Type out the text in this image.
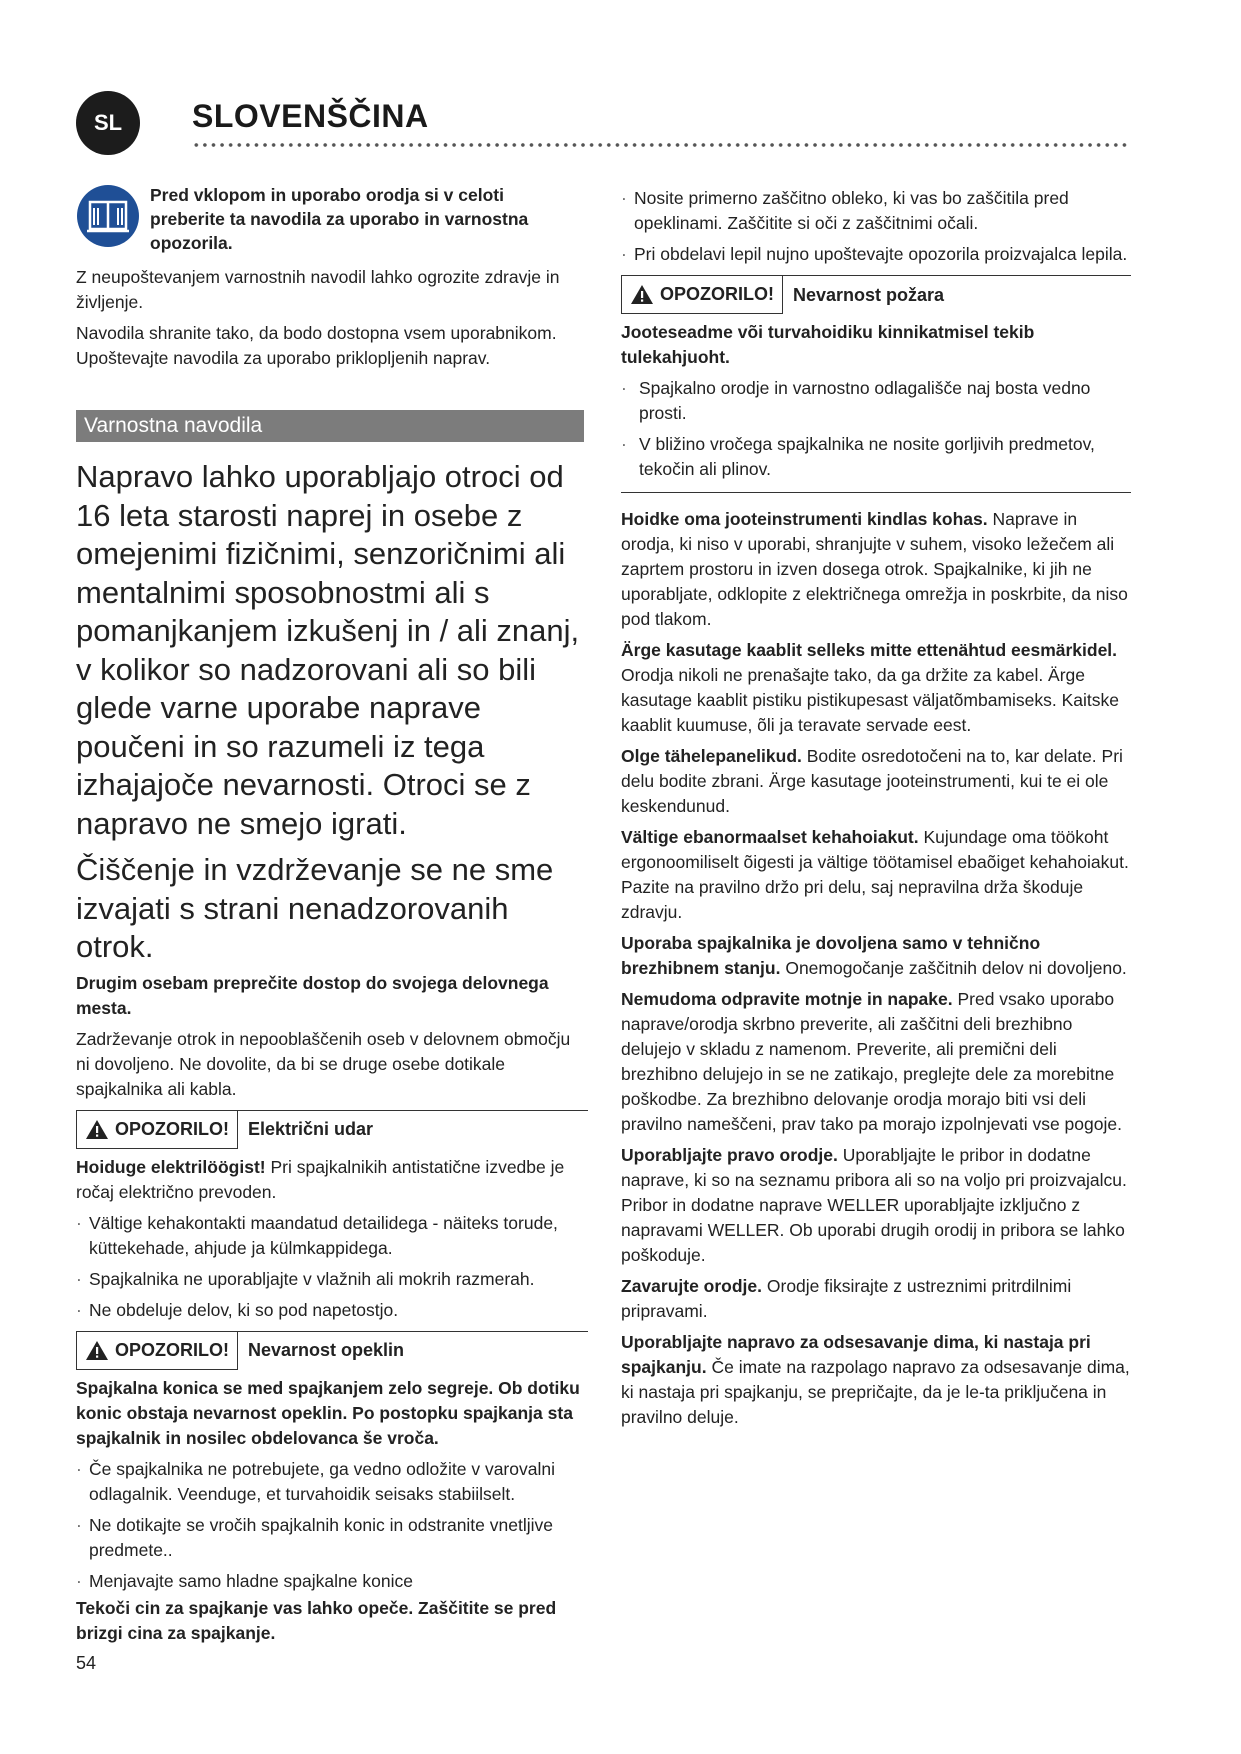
SL SLOVENŠČINA
Pred vklopom in uporabo orodja si v celoti preberite ta navodila za uporabo in varnostna opozorila.

Z neupoštevanjem varnostnih navodil lahko ogrozite zdravje in življenje.

Navodila shranite tako, da bodo dostopna vsem uporabnikom. Upoštevajte navodila za uporabo priklopljenih naprav.

Varnostna navodila
Napravo lahko uporabljajo otroci od 16 leta starosti naprej in osebe z omejenimi fizičnimi, senzoričnimi ali mentalnimi sposobnostmi ali s pomanjkanjem izkušenj in / ali znanj, v kolikor so nadzorovani ali so bili glede varne uporabe naprave poučeni in so razumeli iz tega izhajajoče nevarnosti. Otroci se z napravo ne smejo igrati.
Čiščenje in vzdrževanje se ne sme izvajati s strani nenadzorovanih otrok.

Drugim osebam preprečite dostop do svojega delovnega mesta.

Zadrževanje otrok in nepooblaščenih oseb v delovnem območju ni dovoljeno. Ne dovolite, da bi se druge osebe dotikale spajkalnika ali kabla.

OPOZORILO!	Električni udar

Hoiduge elektrilöögist! Pri spajkalnikih antistatične izvedbe je ročaj električno prevoden.

· Vältige kehakontakti maandatud detailidega - näiteks torude, küttekehade, ahjude ja külmkappidega.
· Spajkalnika ne uporabljajte v vlažnih ali mokrih razmerah.
· Ne obdeluje delov, ki so pod napetostjo.
OPOZORILO!	Nevarnost opeklin

Spajkalna konica se med spajkanjem zelo segreje. Ob dotiku konic obstaja nevarnost opeklin. Po postopku spajkanja sta spajkalnik in nosilec obdelovanca še vroča.

· Če spajkalnika ne potrebujete, ga vedno odložite v varovalni odlagalnik. Veenduge, et turvahoidik seisaks stabiilselt.
· Ne dotikajte se vročih spajkalnih konic in odstranite vnetljive predmete..
· Menjavajte samo hladne spajkalne konice

Tekoči cin za spajkanje vas lahko opeče. Zaščitite se pred brizgi cina za spajkanje.

· Nosite primerno zaščitno obleko, ki vas bo zaščitila pred opeklinami. Zaščitite si oči z zaščitnimi očali.
· Pri obdelavi lepil nujno upoštevajte opozorila proizvajalca lepila.
OPOZORILO!	Nevarnost požara

Jooteseadme või turvahoidiku kinnikatmisel tekib tulekahjuoht.

· Spajkalno orodje in varnostno odlagališče naj bosta vedno prosti.
· V bližino vročega spajkalnika ne nosite gorljivih predmetov, tekočin ali plinov.

Hoidke oma jooteinstrumenti kindlas kohas. Naprave in orodja, ki niso v uporabi, shranjujte v suhem, visoko ležečem ali zaprtem prostoru in izven dosega otrok. Spajkalnike, ki jih ne uporabljate, odklopite z električnega omrežja in poskrbite, da niso pod tlakom.

Ärge kasutage kaablit selleks mitte ettenähtud eesmärkidel. Orodja nikoli ne prenašajte tako, da ga držite za kabel. Ärge kasutage kaablit pistiku pistikupesast väljatõmbamiseks. Kaitske kaablit kuumuse, õli ja teravate servade eest.

Olge tähelepanelikud. Bodite osredotočeni na to, kar delate. Pri delu bodite zbrani. Ärge kasutage jooteinstrumenti, kui te ei ole keskendunud.

Vältige ebanormaalset kehahoiakut. Kujundage oma töökoht ergonoomiliselt õigesti ja vältige töötamisel ebaõiget kehahoiakut. Pazite na pravilno držo pri delu, saj nepravilna drža škoduje zdravju.

Uporaba spajkalnika je dovoljena samo v tehnično brezhibnem stanju. Onemogočanje zaščitnih delov ni dovoljeno.

Nemudoma odpravite motnje in napake. Pred vsako uporabo naprave/orodja skrbno preverite, ali zaščitni deli brezhibno delujejo v skladu z namenom. Preverite, ali premični deli brezhibno delujejo in se ne zatikajo, preglejte dele za morebitne poškodbe. Za brezhibno delovanje orodja morajo biti vsi deli pravilno nameščeni, prav tako pa morajo izpolnjevati vse pogoje.

Uporabljajte pravo orodje. Uporabljajte le pribor in dodatne naprave, ki so na seznamu pribora ali so na voljo pri proizvajalcu. Pribor in dodatne naprave WELLER uporabljajte izključno z napravami WELLER. Ob uporabi drugih orodij in pribora se lahko poškoduje.

Zavarujte orodje. Orodje fiksirajte z ustreznimi pritrdilnimi pripravami.

Uporabljajte napravo za odsesavanje dima, ki nastaja pri spajkanju. Če imate na razpolago napravo za odsesavanje dima, ki nastaja pri spajkanju, se prepričajte, da je le-ta priključena in pravilno deluje.

54
